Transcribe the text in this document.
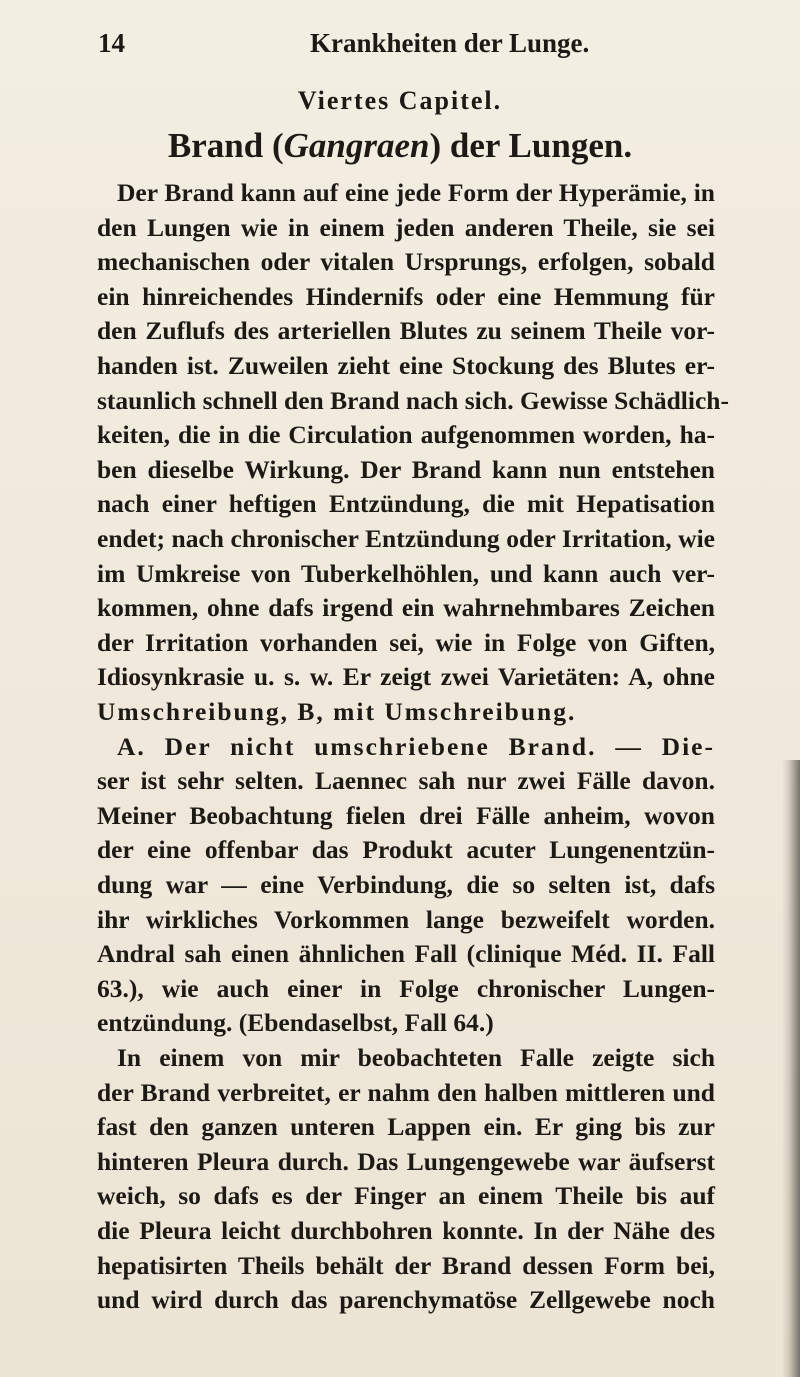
14	Krankheiten der Lunge.
Viertes Capitel.
Brand (Gangraen) der Lungen.
Der Brand kann auf eine jede Form der Hyperämie, in
den Lungen wie in einem jeden anderen Theile, sie sei
mechanischen oder vitalen Ursprungs, erfolgen, sobald
ein hinreichendes Hindernifs oder eine Hemmung für
den Zuflufs des arteriellen Blutes zu seinem Theile vor-
handen ist. Zuweilen zieht eine Stockung des Blutes er-
staunlich schnell den Brand nach sich. Gewisse Schädlich-
keiten, die in die Circulation aufgenommen worden, ha-
ben dieselbe Wirkung. Der Brand kann nun entstehen
nach einer heftigen Entzündung, die mit Hepatisation
endet; nach chronischer Entzündung oder Irritation, wie
im Umkreise von Tuberkelhöhlen, und kann auch ver-
kommen, ohne dafs irgend ein wahrnehmbares Zeichen
der Irritation vorhanden sei, wie in Folge von Giften,
Idiosynkrasie u. s. w. Er zeigt zwei Varietäten: A, ohne
Umschreibung, B, mit Umschreibung.
A. Der nicht umschriebene Brand. — Die-
ser ist sehr selten. Laennec sah nur zwei Fälle davon.
Meiner Beobachtung fielen drei Fälle anheim, wovon
der eine offenbar das Produkt acuter Lungenentzün-
dung war — eine Verbindung, die so selten ist, dafs
ihr wirkliches Vorkommen lange bezweifelt worden.
Andral sah einen ähnlichen Fall (clinique Méd. II. Fall
63.), wie auch einer in Folge chronischer Lungen-
entzündung. (Ebendaselbst, Fall 64.)
In einem von mir beobachteten Falle zeigte sich
der Brand verbreitet, er nahm den halben mittleren und
fast den ganzen unteren Lappen ein. Er ging bis zur
hinteren Pleura durch. Das Lungengewebe war äufserst
weich, so dafs es der Finger an einem Theile bis auf
die Pleura leicht durchbohren konnte. In der Nähe des
hepatisirten Theils behält der Brand dessen Form bei,
und wird durch das parenchymatöse Zellgewebe noch
